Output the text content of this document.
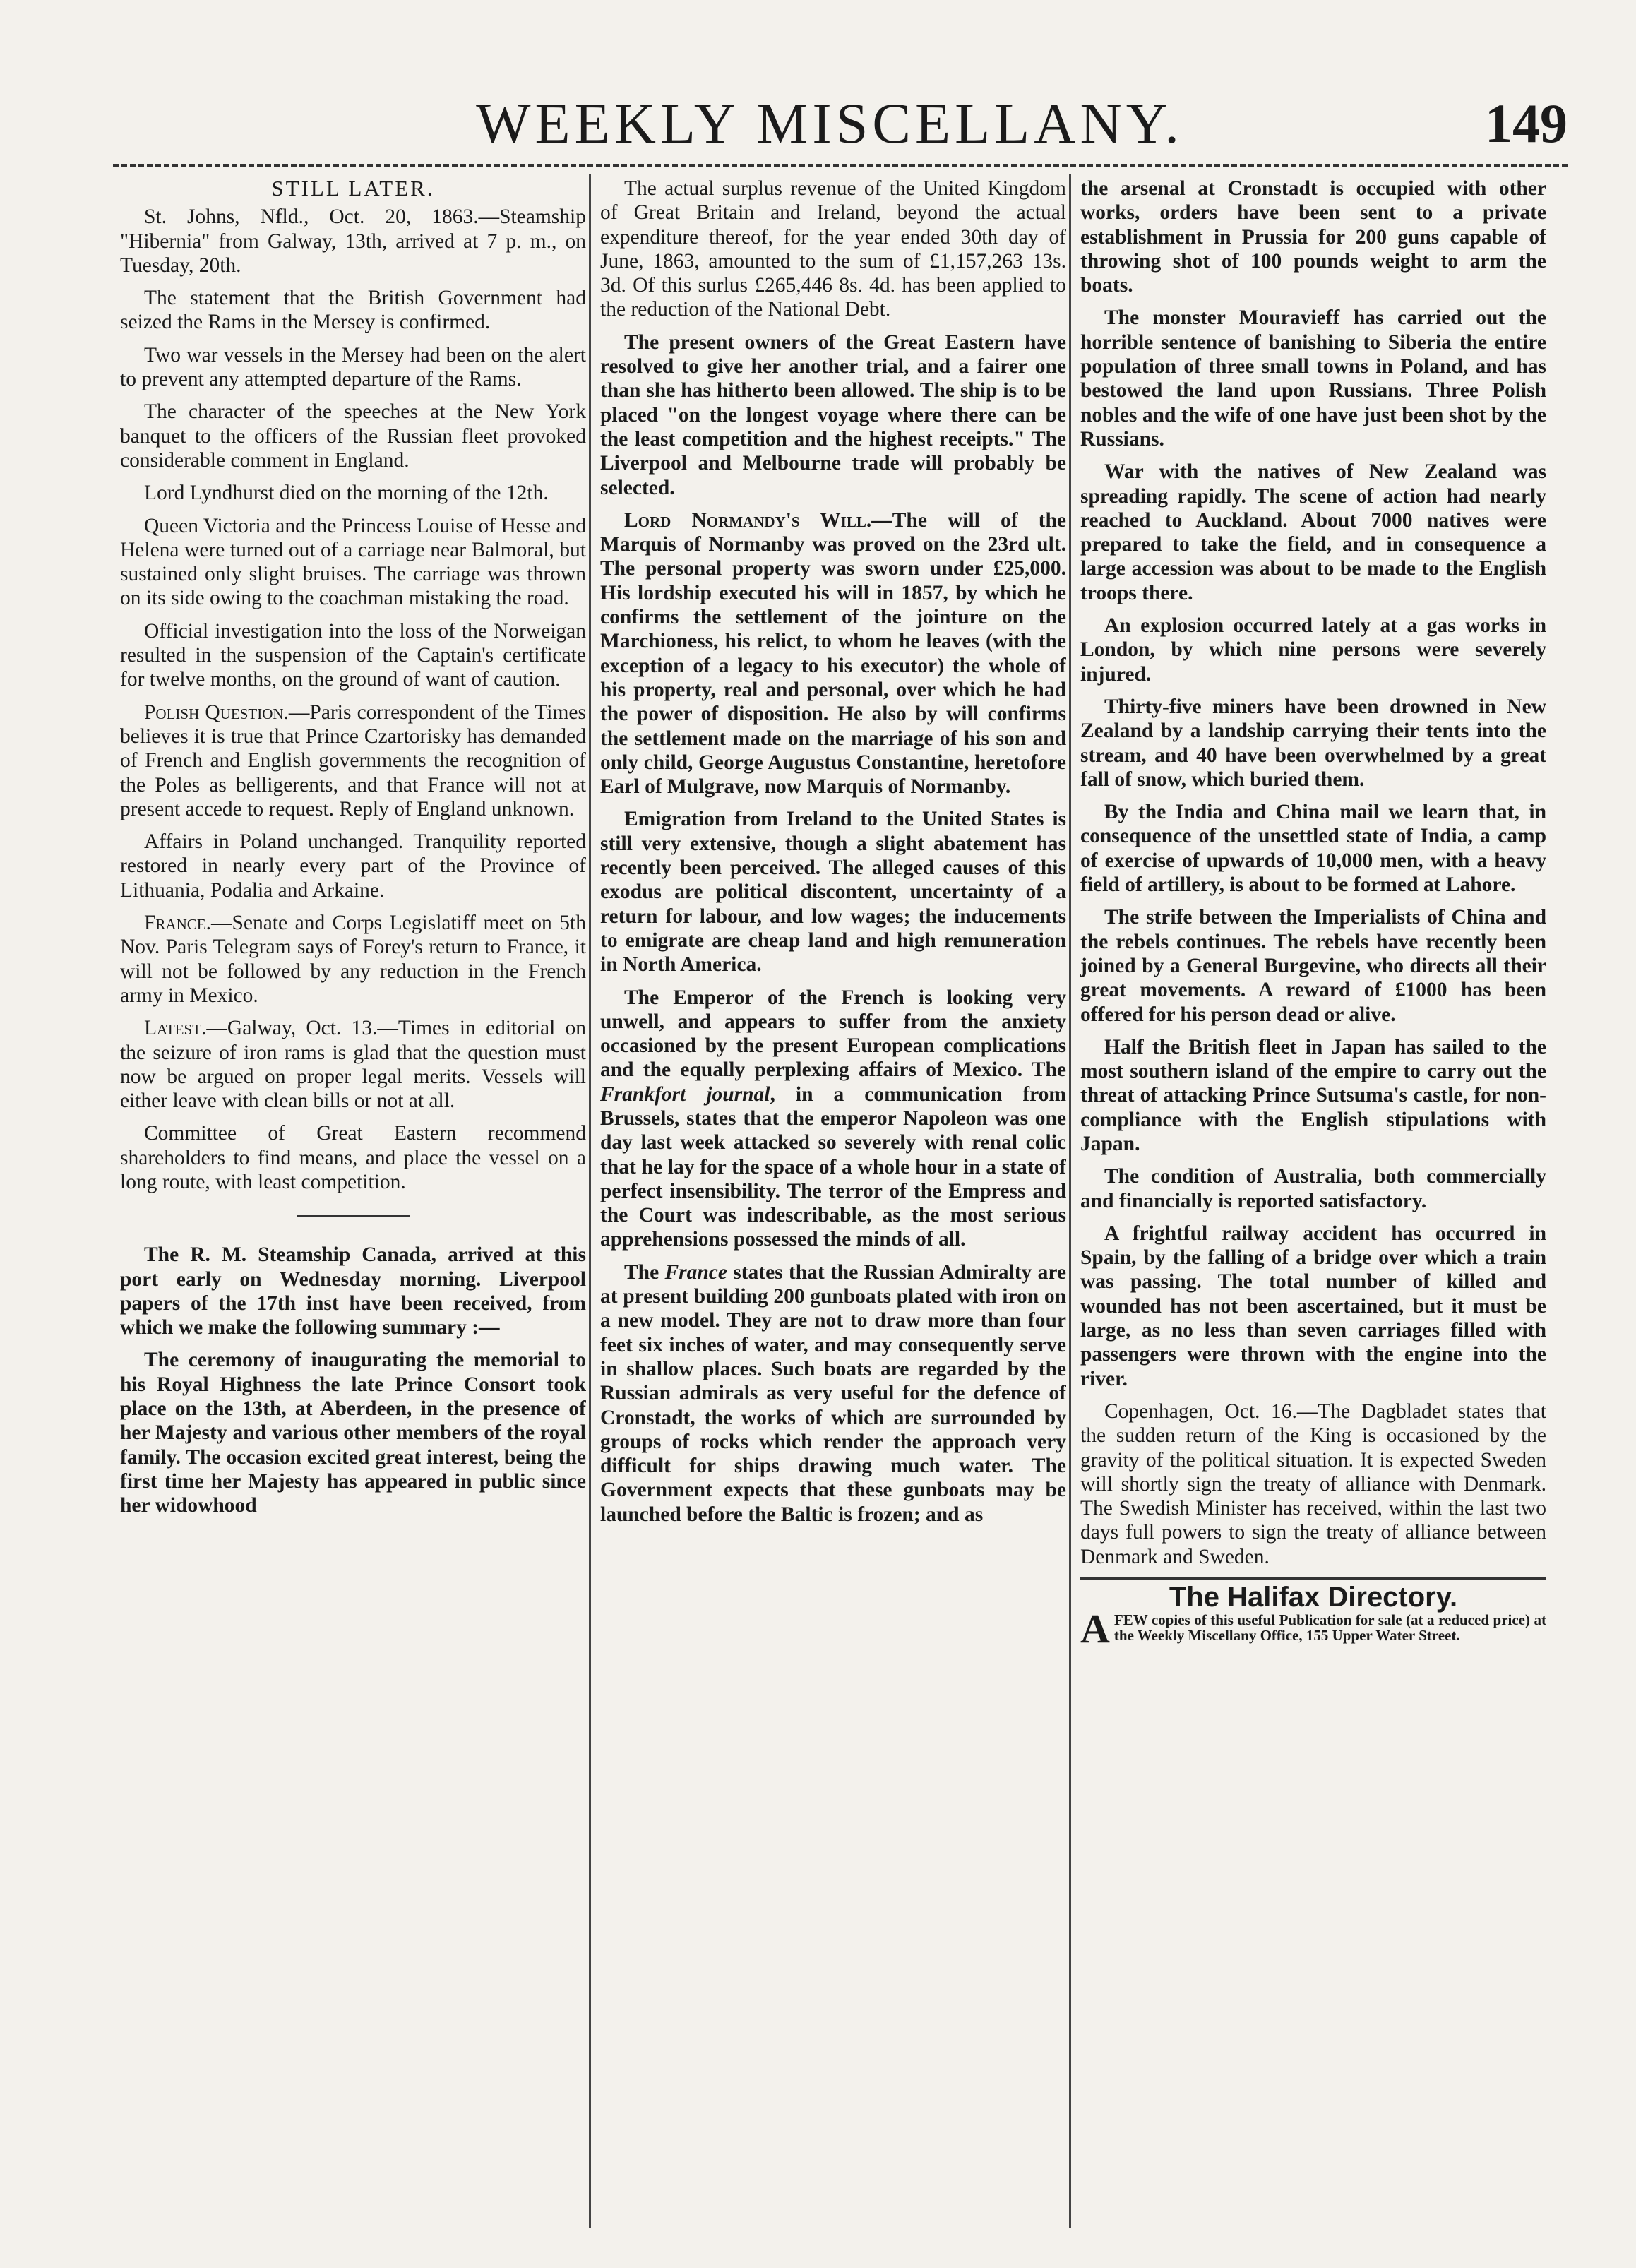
WEEKLY MISCELLANY.	149
STILL LATER.

St. Johns, Nfld., Oct. 20, 1863.—Steamship "Hibernia" from Galway, 13th, arrived at 7 p. m., on Tuesday, 20th.

The statement that the British Government had seized the Rams in the Mersey is confirmed.

Two war vessels in the Mersey had been on the alert to prevent any attempted departure of the Rams.

The character of the speeches at the New York banquet to the officers of the Russian fleet provoked considerable comment in England.

Lord Lyndhurst died on the morning of the 12th.

Queen Victoria and the Princess Louise of Hesse and Helena were turned out of a carriage near Balmoral, but sustained only slight bruises. The carriage was thrown on its side owing to the coachman mistaking the road.

Official investigation into the loss of the Norweigan resulted in the suspension of the Captain's certificate for twelve months, on the ground of want of caution.

Polish Question.—Paris correspondent of the Times believes it is true that Prince Czartorisky has demanded of French and English governments the recognition of the Poles as belligerents, and that France will not at present accede to request. Reply of England unknown.

Affairs in Poland unchanged. Tranquility reported restored in nearly every part of the Province of Lithuania, Podalia and Arkaine.

France.—Senate and Corps Legislatiff meet on 5th Nov. Paris Telegram says of Forey's return to France, it will not be followed by any reduction in the French army in Mexico.

Latest.—Galway, Oct. 13.—Times in editorial on the seizure of iron rams is glad that the question must now be argued on proper legal merits. Vessels will either leave with clean bills or not at all.

Committee of Great Eastern recommend shareholders to find means, and place the vessel on a long route, with least competition.

The R. M. Steamship Canada, arrived at this port early on Wednesday morning. Liverpool papers of the 17th inst have been received, from which we make the following summary :—

The ceremony of inaugurating the memorial to his Royal Highness the late Prince Consort took place on the 13th, at Aberdeen, in the presence of her Majesty and various other members of the royal family. The occasion excited great interest, being the first time her Majesty has appeared in public since her widowhood

The actual surplus revenue of the United Kingdom of Great Britain and Ireland, beyond the actual expenditure thereof, for the year ended 30th day of June, 1863, amounted to the sum of £1,157,263 13s. 3d. Of this surlus £265,446 8s. 4d. has been applied to the reduction of the National Debt.

The present owners of the Great Eastern have resolved to give her another trial, and a fairer one than she has hitherto been allowed. The ship is to be placed "on the longest voyage where there can be the least competition and the highest receipts." The Liverpool and Melbourne trade will probably be selected.

Lord Normandy's Will.—The will of the Marquis of Normanby was proved on the 23rd ult. The personal property was sworn under £25,000. His lordship executed his will in 1857, by which he confirms the settlement of the jointure on the Marchioness, his relict, to whom he leaves (with the exception of a legacy to his executor) the whole of his property, real and personal, over which he had the power of disposition. He also by will confirms the settlement made on the marriage of his son and only child, George Augustus Constantine, heretofore Earl of Mulgrave, now Marquis of Normanby.

Emigration from Ireland to the United States is still very extensive, though a slight abatement has recently been perceived. The alleged causes of this exodus are political discontent, uncertainty of a return for labour, and low wages; the inducements to emigrate are cheap land and high remuneration in North America.

The Emperor of the French is looking very unwell, and appears to suffer from the anxiety occasioned by the present European complications and the equally perplexing affairs of Mexico. The Frankfort journal, in a communication from Brussels, states that the emperor Napoleon was one day last week attacked so severely with renal colic that he lay for the space of a whole hour in a state of perfect insensibility. The terror of the Empress and the Court was indescribable, as the most serious apprehensions possessed the minds of all.

The France states that the Russian Admiralty are at present building 200 gunboats plated with iron on a new model. They are not to draw more than four feet six inches of water, and may consequently serve in shallow places. Such boats are regarded by the Russian admirals as very useful for the defence of Cronstadt, the works of which are surrounded by groups of rocks which render the approach very difficult for ships drawing much water. The Government expects that these gunboats may be launched before the Baltic is frozen; and as

the arsenal at Cronstadt is occupied with other works, orders have been sent to a private establishment in Prussia for 200 guns capable of throwing shot of 100 pounds weight to arm the boats.

The monster Mouravieff has carried out the horrible sentence of banishing to Siberia the entire population of three small towns in Poland, and has bestowed the land upon Russians. Three Polish nobles and the wife of one have just been shot by the Russians.

War with the natives of New Zealand was spreading rapidly. The scene of action had nearly reached to Auckland. About 7000 natives were prepared to take the field, and in consequence a large accession was about to be made to the English troops there.

An explosion occurred lately at a gas works in London, by which nine persons were severely injured.

Thirty-five miners have been drowned in New Zealand by a landship carrying their tents into the stream, and 40 have been overwhelmed by a great fall of snow, which buried them.

By the India and China mail we learn that, in consequence of the unsettled state of India, a camp of exercise of upwards of 10,000 men, with a heavy field of artillery, is about to be formed at Lahore.

The strife between the Imperialists of China and the rebels continues. The rebels have recently been joined by a General Burgevine, who directs all their great movements. A reward of £1000 has been offered for his person dead or alive.

Half the British fleet in Japan has sailed to the most southern island of the empire to carry out the threat of attacking Prince Sutsuma's castle, for non-compliance with the English stipulations with Japan.

The condition of Australia, both commercially and financially is reported satisfactory.

A frightful railway accident has occurred in Spain, by the falling of a bridge over which a train was passing. The total number of killed and wounded has not been ascertained, but it must be large, as no less than seven carriages filled with passengers were thrown with the engine into the river.

Copenhagen, Oct. 16.—The Dagbladet states that the sudden return of the King is occasioned by the gravity of the political situation. It is expected Sweden will shortly sign the treaty of alliance with Denmark. The Swedish Minister has received, within the last two days full powers to sign the treaty of alliance between Denmark and Sweden.

The Halifax Directory.
AFEW copies of this useful Publication for sale (at a reduced price) at the Weekly Miscellany Office, 155 Upper Water Street.
